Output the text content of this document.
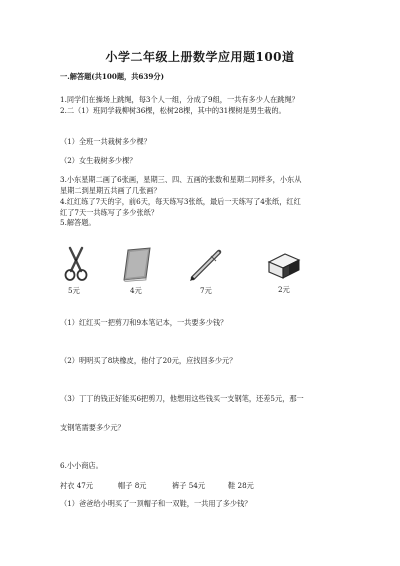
小学二年级上册数学应用题100道
一.解答题(共100题，共639分)
1.同学们在操场上跳绳，每3个人一组，分成了9组，一共有多少人在跳绳？
2.二（1）班同学栽柳树36棵，松树28棵，其中的31棵树是男生栽的。
（1）全班一共栽树多少棵？
（2）女生栽树多少棵？
3.小东星期二画了6张画，星期三、四、五画的张数和星期二同样多，小东从
星期二到星期五共画了几张画？
4.红红练了7天的字，前6天，每天练写3张纸，最后一天练写了4张纸，红红
红了7天一共练写了多少张纸？
5.解答题。
5元	4元	7元	2元
（1）红红买一把剪刀和9本笔记本，一共要多少钱？
（2）明明买了8块橡皮，他付了20元，应找回多少元？
（3）丁丁的钱正好能买6把剪刀，他想用这些钱买一支钢笔，还差5元，那一
支钢笔需要多少元？
6.小小商店。
衬衣 47元	帽子 8元	裤子 54元	鞋 28元
（1）爸爸给小明买了一顶帽子和一双鞋，一共用了多少钱？
